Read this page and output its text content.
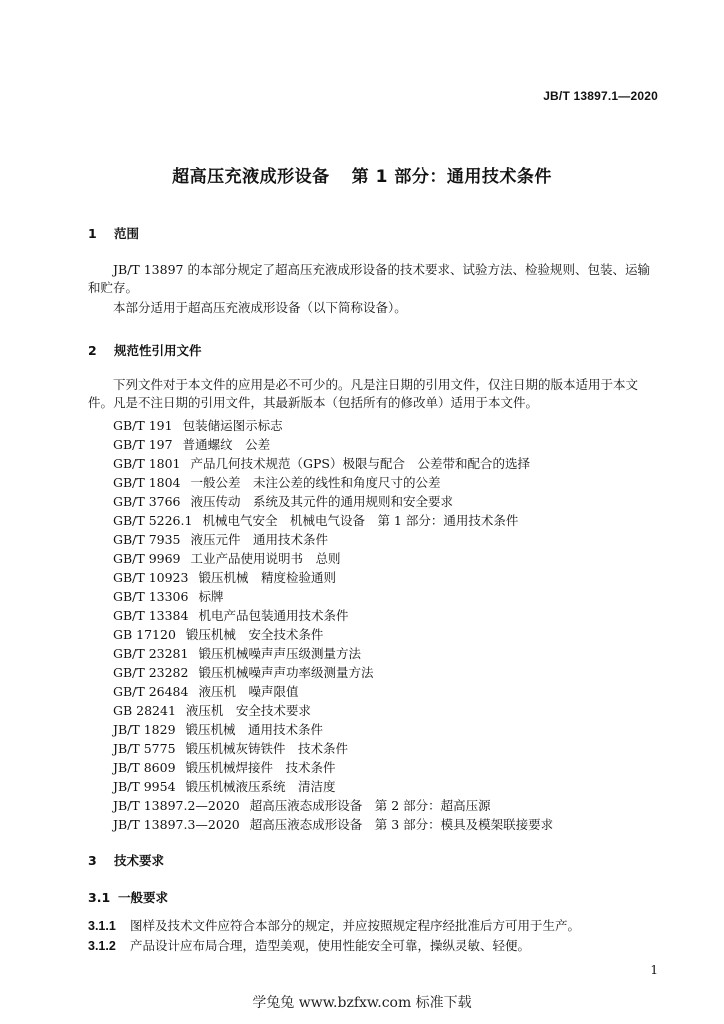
JB/T 13897.1—2020
超高压充液成形设备 第 1 部分：通用技术条件
1 范围

JB/T 13897 的本部分规定了超高压充液成形设备的技术要求、试验方法、检验规则、包装、运输和贮存。

本部分适用于超高压充液成形设备（以下简称设备）。

2 规范性引用文件

下列文件对于本文件的应用是必不可少的。凡是注日期的引用文件，仅注日期的版本适用于本文件。凡是不注日期的引用文件，其最新版本（包括所有的修改单）适用于本文件。

GB/T 191 包装储运图示标志
GB/T 197 普通螺纹　公差
GB/T 1801 产品几何技术规范（GPS）极限与配合　公差带和配合的选择
GB/T 1804 一般公差　未注公差的线性和角度尺寸的公差
GB/T 3766 液压传动　系统及其元件的通用规则和安全要求
GB/T 5226.1 机械电气安全　机械电气设备　第 1 部分：通用技术条件
GB/T 7935 液压元件　通用技术条件
GB/T 9969 工业产品使用说明书　总则
GB/T 10923 锻压机械　精度检验通则
GB/T 13306 标牌
GB/T 13384 机电产品包装通用技术条件
GB 17120 锻压机械　安全技术条件
GB/T 23281 锻压机械噪声声压级测量方法
GB/T 23282 锻压机械噪声声功率级测量方法
GB/T 26484 液压机　噪声限值
GB 28241 液压机　安全技术要求
JB/T 1829 锻压机械　通用技术条件
JB/T 5775 锻压机械灰铸铁件　技术条件
JB/T 8609 锻压机械焊接件　技术条件
JB/T 9954 锻压机械液压系统　清洁度
JB/T 13897.2—2020 超高压液态成形设备　第 2 部分：超高压源
JB/T 13897.3—2020 超高压液态成形设备　第 3 部分：模具及模架联接要求
3 技术要求
3.1 一般要求
3.1.1 图样及技术文件应符合本部分的规定，并应按照规定程序经批准后方可用于生产。
3.1.2 产品设计应布局合理，造型美观，使用性能安全可靠，操纵灵敏、轻便。
1
学兔兔 www.bzfxw.com 标准下载
